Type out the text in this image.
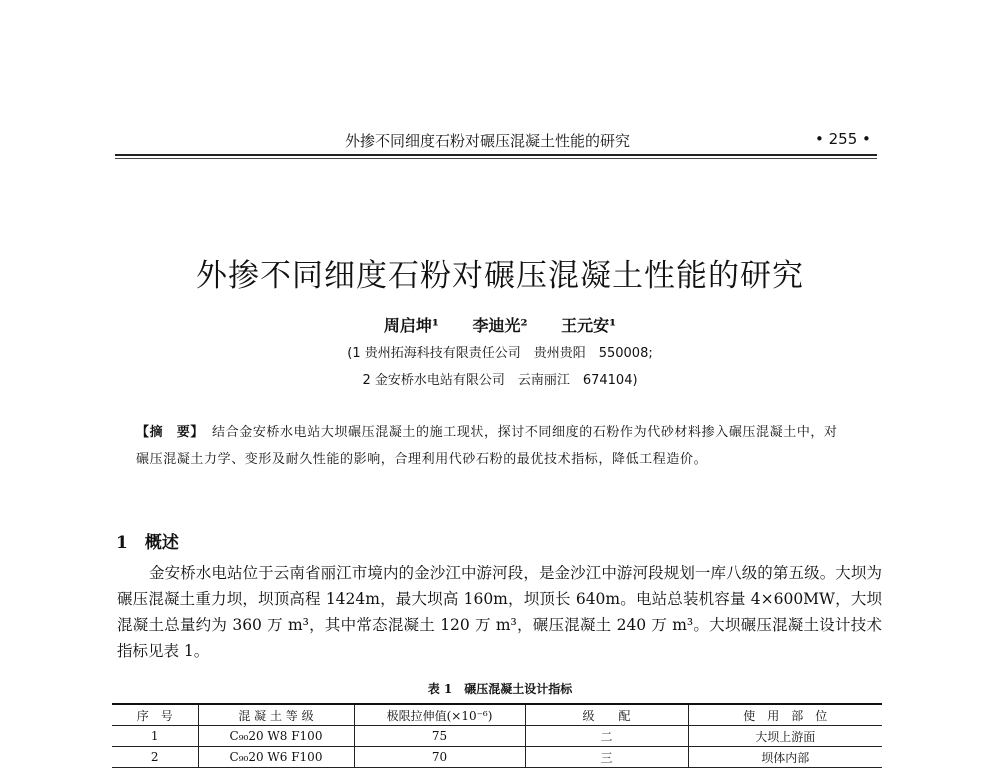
外掺不同细度石粉对碾压混凝土性能的研究	• 255 •
外掺不同细度石粉对碾压混凝土性能的研究
周启坤¹ 李迪光² 王元安¹
(1 贵州拓海科技有限责任公司　贵州贵阳　550008;
2 金安桥水电站有限公司　云南丽江　674104)
【摘　要】 结合金安桥水电站大坝碾压混凝土的施工现状，探讨不同细度的石粉作为代砂材料掺入碾压混凝土中，对碾压混凝土力学、变形及耐久性能的影响，合理利用代砂石粉的最优技术指标，降低工程造价。
1　概述
金安桥水电站位于云南省丽江市境内的金沙江中游河段，是金沙江中游河段规划一库八级的第五级。大坝为碾压混凝土重力坝，坝顶高程 1424m，最大坝高 160m，坝顶长 640m。电站总装机容量 4×600MW，大坝混凝土总量约为 360 万 m³，其中常态混凝土 120 万 m³，碾压混凝土 240 万 m³。大坝碾压混凝土设计技术指标见表 1。
表 1　碾压混凝土设计指标
序　号	混 凝 土 等 级	极限拉伸值(×10⁻⁶)	级　　配	使　用　部　位
1	C₉₀20 W8 F100	75	二	大坝上游面
2	C₉₀20 W6 F100	70	三	坝体内部
